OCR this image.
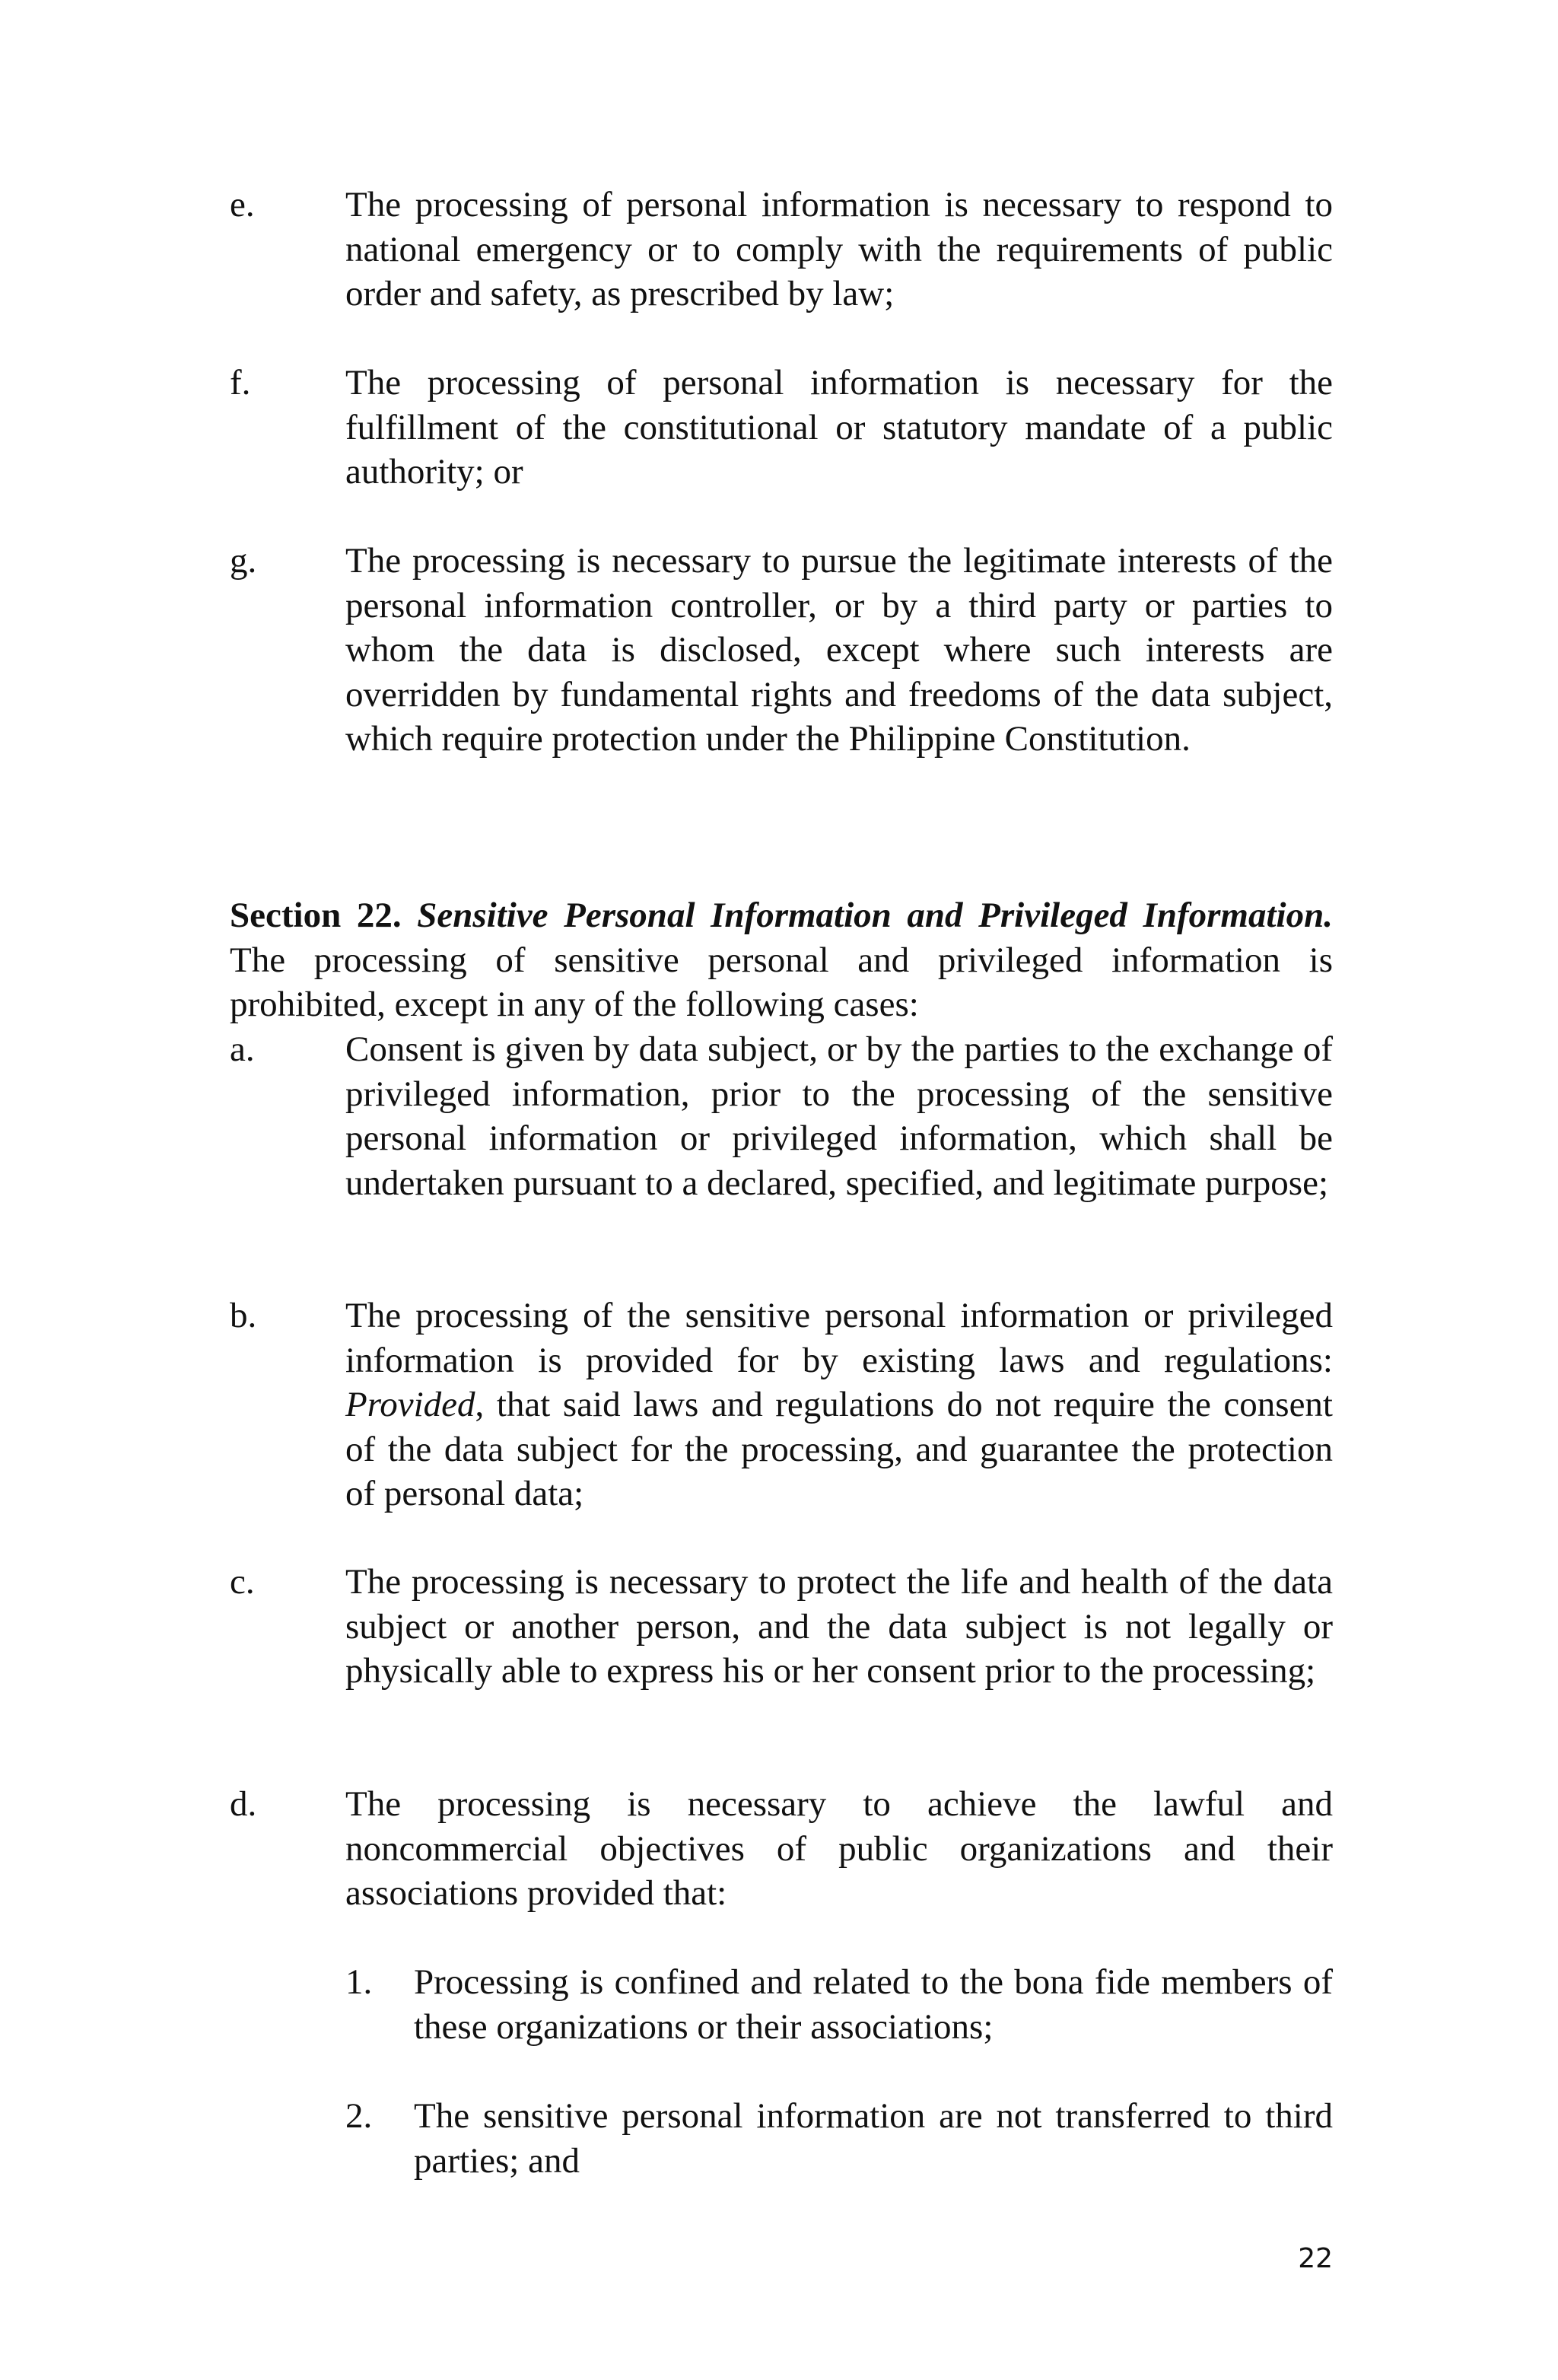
e.	The processing of personal information is necessary to respond to national emergency or to comply with the requirements of public order and safety, as prescribed by law;
f.	The processing of personal information is necessary for the fulfillment of the constitutional or statutory mandate of a public authority; or
g. The processing is necessary to pursue the legitimate interests of the personal information controller, or by a third party or parties to whom the data is disclosed, except where such interests are overridden by fundamental rights and freedoms of the data subject, which require protection under the Philippine Constitution.
Section 22. Sensitive Personal Information and Privileged Information. The processing of sensitive personal and privileged information is prohibited, except in any of the following cases:
a.	Consent is given by data subject, or by the parties to the exchange of privileged information, prior to the processing of the sensitive personal information or privileged information, which shall be undertaken pursuant to a declared, specified, and legitimate purpose;
b. The processing of the sensitive personal information or privileged information is provided for by existing laws and regulations: Provided, that said laws and regulations do not require the consent of the data subject for the processing, and guarantee the protection of personal data;
c.	The processing is necessary to protect the life and health of the data subject or another person, and the data subject is not legally or physically able to express his or her consent prior to the processing;
d. The processing is necessary to achieve the lawful and noncommercial objectives of public organizations and their associations provided that:
1. Processing is confined and related to the bona fide members of these organizations or their associations;
2. The sensitive personal information are not transferred to third parties; and
22
